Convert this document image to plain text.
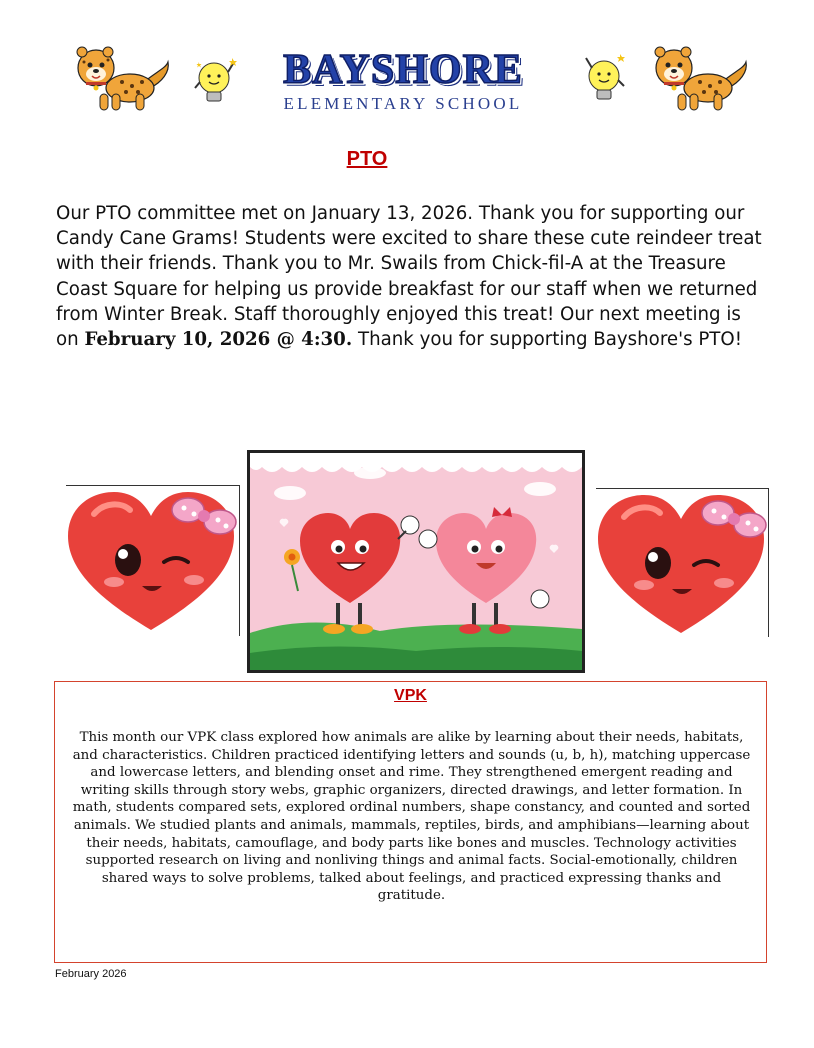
BAYSHORE
ELEMENTARY SCHOOL
PTO
Our PTO committee met on January 13, 2026. Thank you for supporting our Candy Cane Grams! Students were excited to share these cute reindeer treat with their friends. Thank you to Mr. Swails from Chick-fil-A at the Treasure Coast Square for helping us provide breakfast for our staff when we returned from Winter Break. Staff thoroughly enjoyed this treat! Our next meeting is on February 10, 2026 @ 4:30. Thank you for supporting Bayshore's PTO!
VPK
This month our VPK class explored how animals are alike by learning about their needs, habitats, and characteristics. Children practiced identifying letters and sounds (u, b, h), matching uppercase and lowercase letters, and blending onset and rime. They strengthened emergent reading and writing skills through story webs, graphic organizers, directed drawings, and letter formation. In math, students compared sets, explored ordinal numbers, shape constancy, and counted and sorted animals. We studied plants and animals, mammals, reptiles, birds, and amphibians—learning about their needs, habitats, camouflage, and body parts like bones and muscles. Technology activities supported research on living and nonliving things and animal facts. Social-emotionally, children shared ways to solve problems, talked about feelings, and practiced expressing thanks and gratitude.
February 2026
